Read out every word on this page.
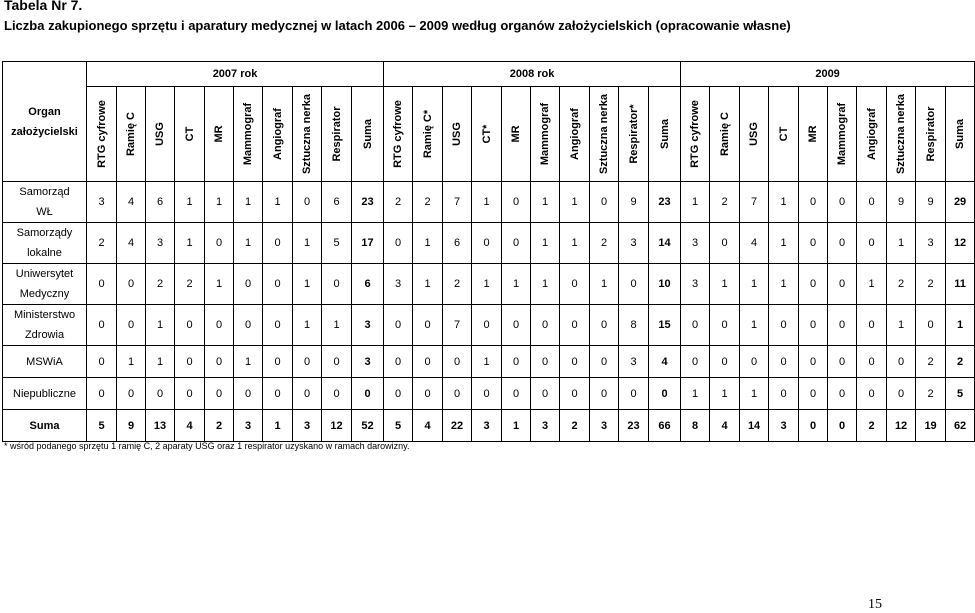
Tabela Nr 7.
Liczba zakupionego sprzętu i aparatury medycznej w latach 2006 – 2009 według organów założycielskich (opracowanie własne)
Organ
założycielski	2007 rok										2008 rok										2009										

	RTG cyfrowe	Ramię C	USG	CT	MR	Mammograf	Angiograf	Sztuczna nerka	Respirator	Suma	RTG cyfrowe	Ramię C*	USG	CT*	MR	Mammograf	Angiograf	Sztuczna nerka	Respirator*	Suma	RTG cyfrowe	Ramię C	USG	CT	MR	Mammograf	Angiograf	Sztuczna nerka	Respirator	Suma	

Samorząd
WŁ	3	4	6	1	1	1	1	0	6	23	2	2	7	1	0	1	1	0	9	23	1	2	7	1	0	0	0	9	9	29	

Samorządy
lokalne	2	4	3	1	0	1	0	1	5	17	0	1	6	0	0	1	1	2	3	14	3	0	4	1	0	0	0	1	3	12	

Uniwersytet
Medyczny	0	0	2	2	1	0	0	1	0	6	3	1	2	1	1	1	0	1	0	10	3	1	1	1	0	0	1	2	2	11	

Ministerstwo
Zdrowia	0	0	1	0	0	0	0	1	1	3	0	0	7	0	0	0	0	0	8	15	0	0	1	0	0	0	0	1	0	1	

MSWiA	0	1	1	0	0	1	0	0	0	3	0	0	0	1	0	0	0	0	3	4	0	0	0	0	0	0	0	0	2	2	

Niepubliczne	0	0	0	0	0	0	0	0	0	0	0	0	0	0	0	0	0	0	0	0	1	1	1	0	0	0	0	0	2	5	

Suma	5	9	13	4	2	3	1	3	12	52	5	4	22	3	1	3	2	3	23	66	8	4	14	3	0	0	2	12	19	62	
* wśród podanego sprzętu 1 ramię C, 2 aparaty USG oraz 1 respirator uzyskano w ramach darowizny.
15
